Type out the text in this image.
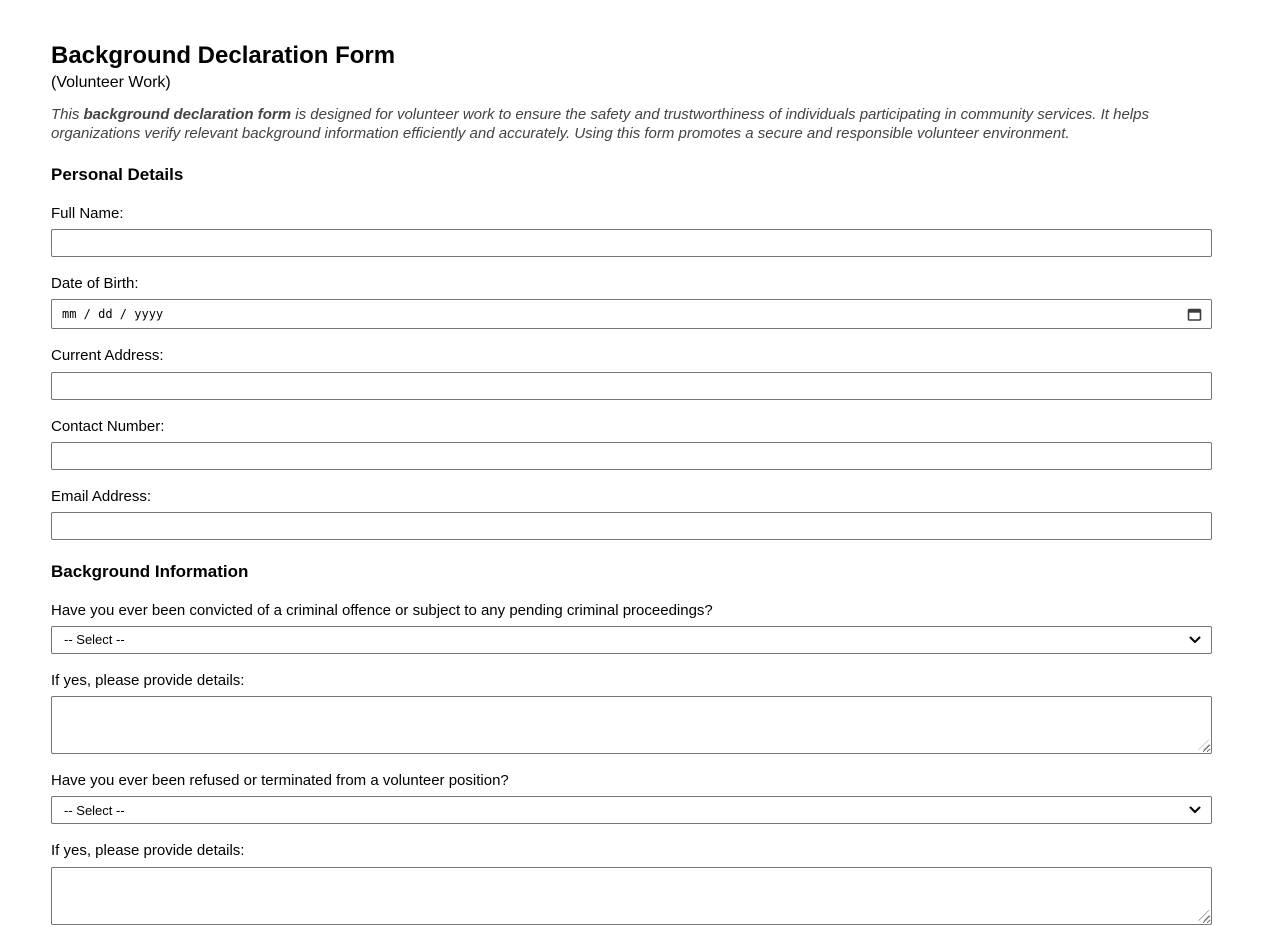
Background Declaration Form
(Volunteer Work)

This background declaration form is designed for volunteer work to ensure the safety and trustworthiness of individuals participating in community services. It helps organizations verify relevant background information efficiently and accurately. Using this form promotes a secure and responsible volunteer environment.

Personal Details
Full Name:
Date of Birth:
mm / dd / yyyy
Current Address:
Contact Number:
Email Address:
Background Information
Have you ever been convicted of a criminal offence or subject to any pending criminal proceedings?
-- Select --
If yes, please provide details:
Have you ever been refused or terminated from a volunteer position?
-- Select --
If yes, please provide details:
